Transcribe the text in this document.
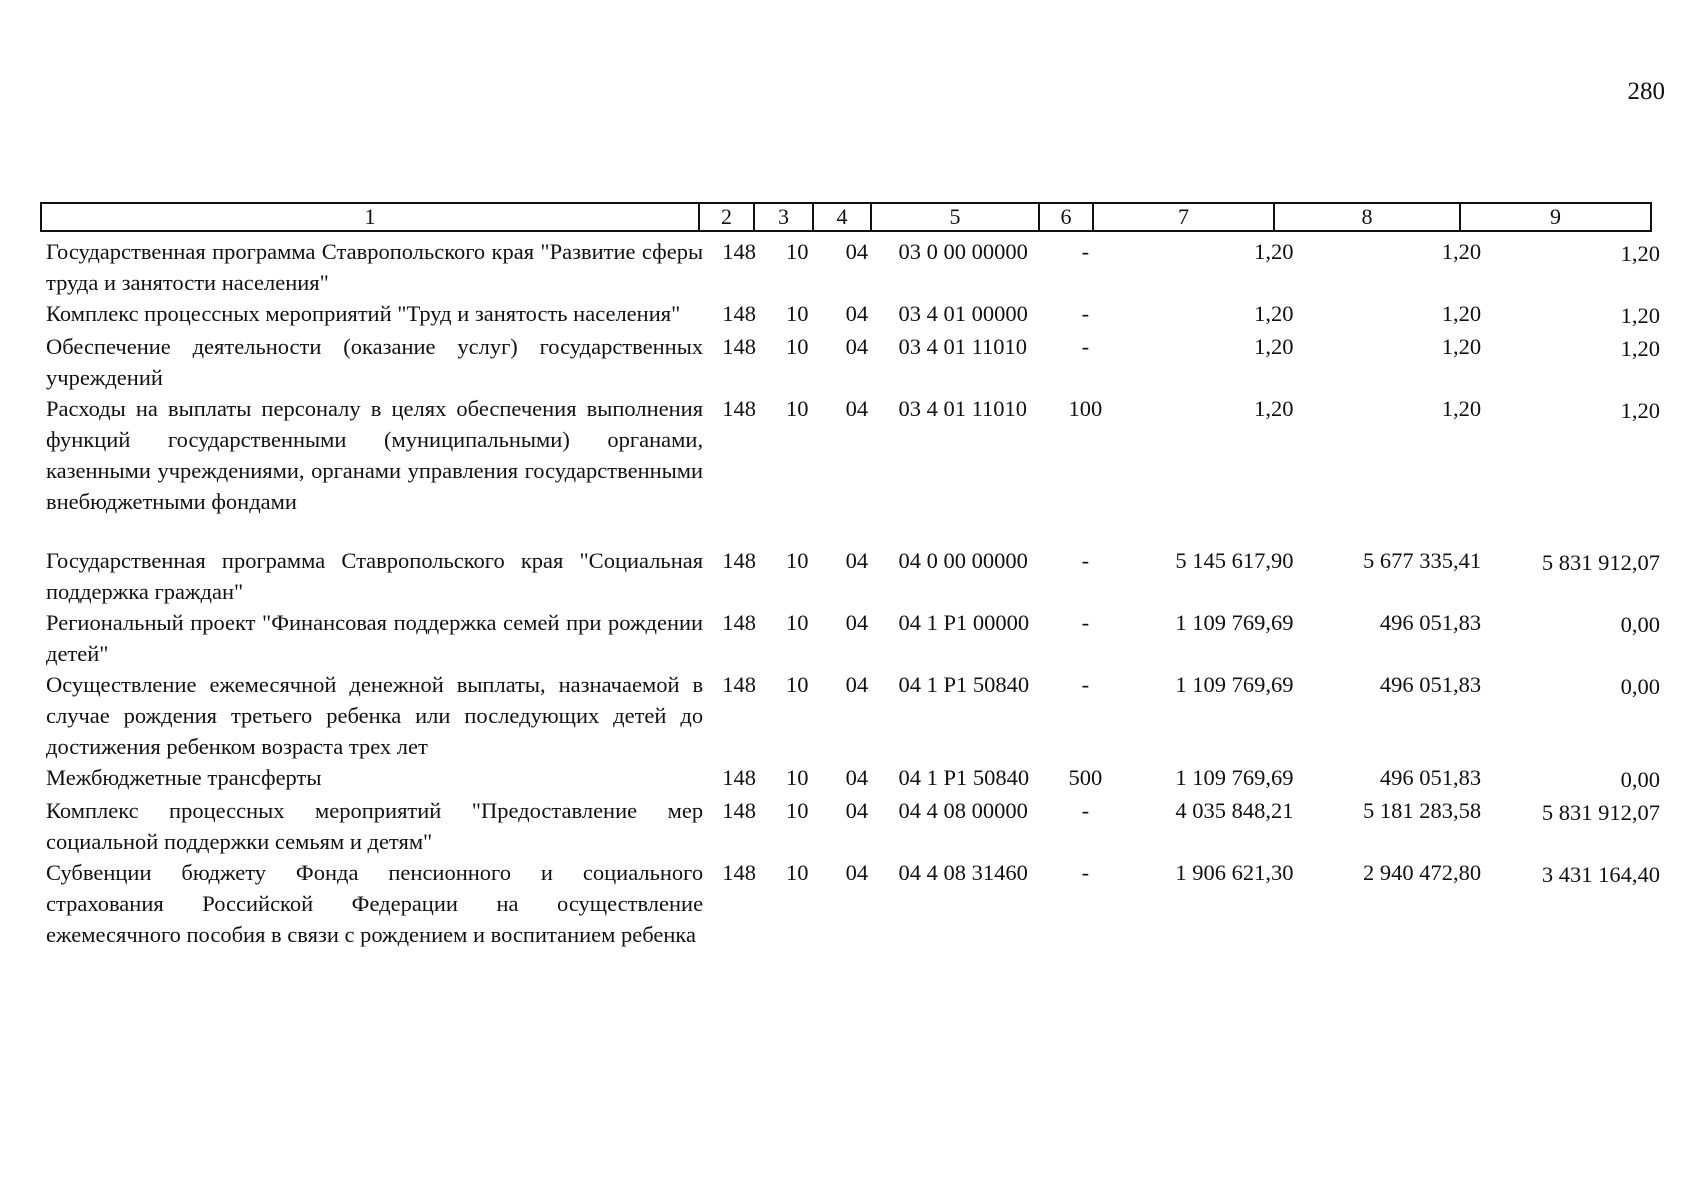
280
1	2	3	4	5	6	7	8	9
Государственная программа Ставропольского края "Развитие сферы труда и занятости населения"	148	10	04	03 0 00 00000	-	1,20	1,20	1,20
Комплекс процессных мероприятий "Труд и занятость населения"	148	10	04	03 4 01 00000	-	1,20	1,20	1,20
Обеспечение деятельности (оказание услуг) государственных учреждений	148	10	04	03 4 01 11010	-	1,20	1,20	1,20
Расходы на выплаты персоналу в целях обеспечения выполнения функций государственными (муниципальными) органами, казенными учреждениями, органами управления государственными внебюджетными фондами	148	10	04	03 4 01 11010	100	1,20	1,20	1,20

Государственная программа Ставропольского края "Социальная поддержка граждан"	148	10	04	04 0 00 00000	-	5 145 617,90	5 677 335,41	5 831 912,07
Региональный проект "Финансовая поддержка семей при рождении детей"	148	10	04	04 1 P1 00000	-	1 109 769,69	496 051,83	0,00
Осуществление ежемесячной денежной выплаты, назначаемой в случае рождения третьего ребенка или последующих детей до достижения ребенком возраста трех лет	148	10	04	04 1 P1 50840	-	1 109 769,69	496 051,83	0,00
Межбюджетные трансферты	148	10	04	04 1 P1 50840	500	1 109 769,69	496 051,83	0,00
Комплекс процессных мероприятий "Предоставление мер социальной поддержки семьям и детям"	148	10	04	04 4 08 00000	-	4 035 848,21	5 181 283,58	5 831 912,07
Субвенции бюджету Фонда пенсионного и социального страхования Российской Федерации на осуществление ежемесячного пособия в связи с рождением и воспитанием ребенка	148	10	04	04 4 08 31460	-	1 906 621,30	2 940 472,80	3 431 164,40
